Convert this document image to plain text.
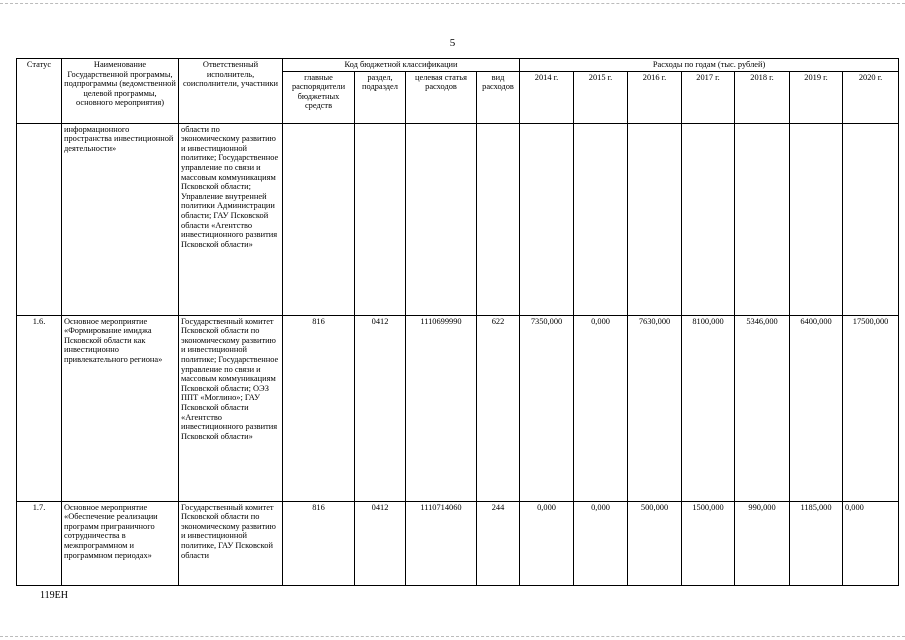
5
Статус	Наименование Государственной программы, подпрограммы (ведомственной целевой программы, основного мероприятия)	Ответственный исполнитель, соисполнители, участники	Код бюджетной классификации				Расходы по годам (тыс. рублей)						
			главные распорядители бюджетных средств	раздел, подраздел	целевая статья расходов	вид расходов	2014 г.	2015 г.	2016 г.	2017 г.	2018 г.	2019 г.	2020 г.
	информационного пространства инвестиционной деятельности»	области по экономическому развитию и инвестиционной политике; Государственное управление по связи и массовым коммуникациям Псковской области; Управление внутренней политики Администрации области; ГАУ Псковской области «Агентство инвестиционного развития Псковской области»											
1.6.	Основное мероприятие «Формирование имиджа Псковской области как инвестиционно привлекательного региона»	Государственный комитет Псковской области по экономическому развитию и инвестиционной политике; Государственное управление по связи и массовым коммуникациям Псковской области; ОЭЗ ППТ «Моглино»; ГАУ Псковской области «Агентство инвестиционного развития Псковской области»	816	0412	1110699990	622	7350,000	0,000	7630,000	8100,000	5346,000	6400,000	17500,000
1.7.	Основное мероприятие «Обеспечение реализации программ приграничного сотрудничества в межпрограммном и программном периодах»	Государственный комитет Псковской области по экономическому развитию и инвестиционной политике, ГАУ Псковской области	816	0412	1110714060	244	0,000	0,000	500,000	1500,000	990,000	1185,000	0,000
119ЕН
